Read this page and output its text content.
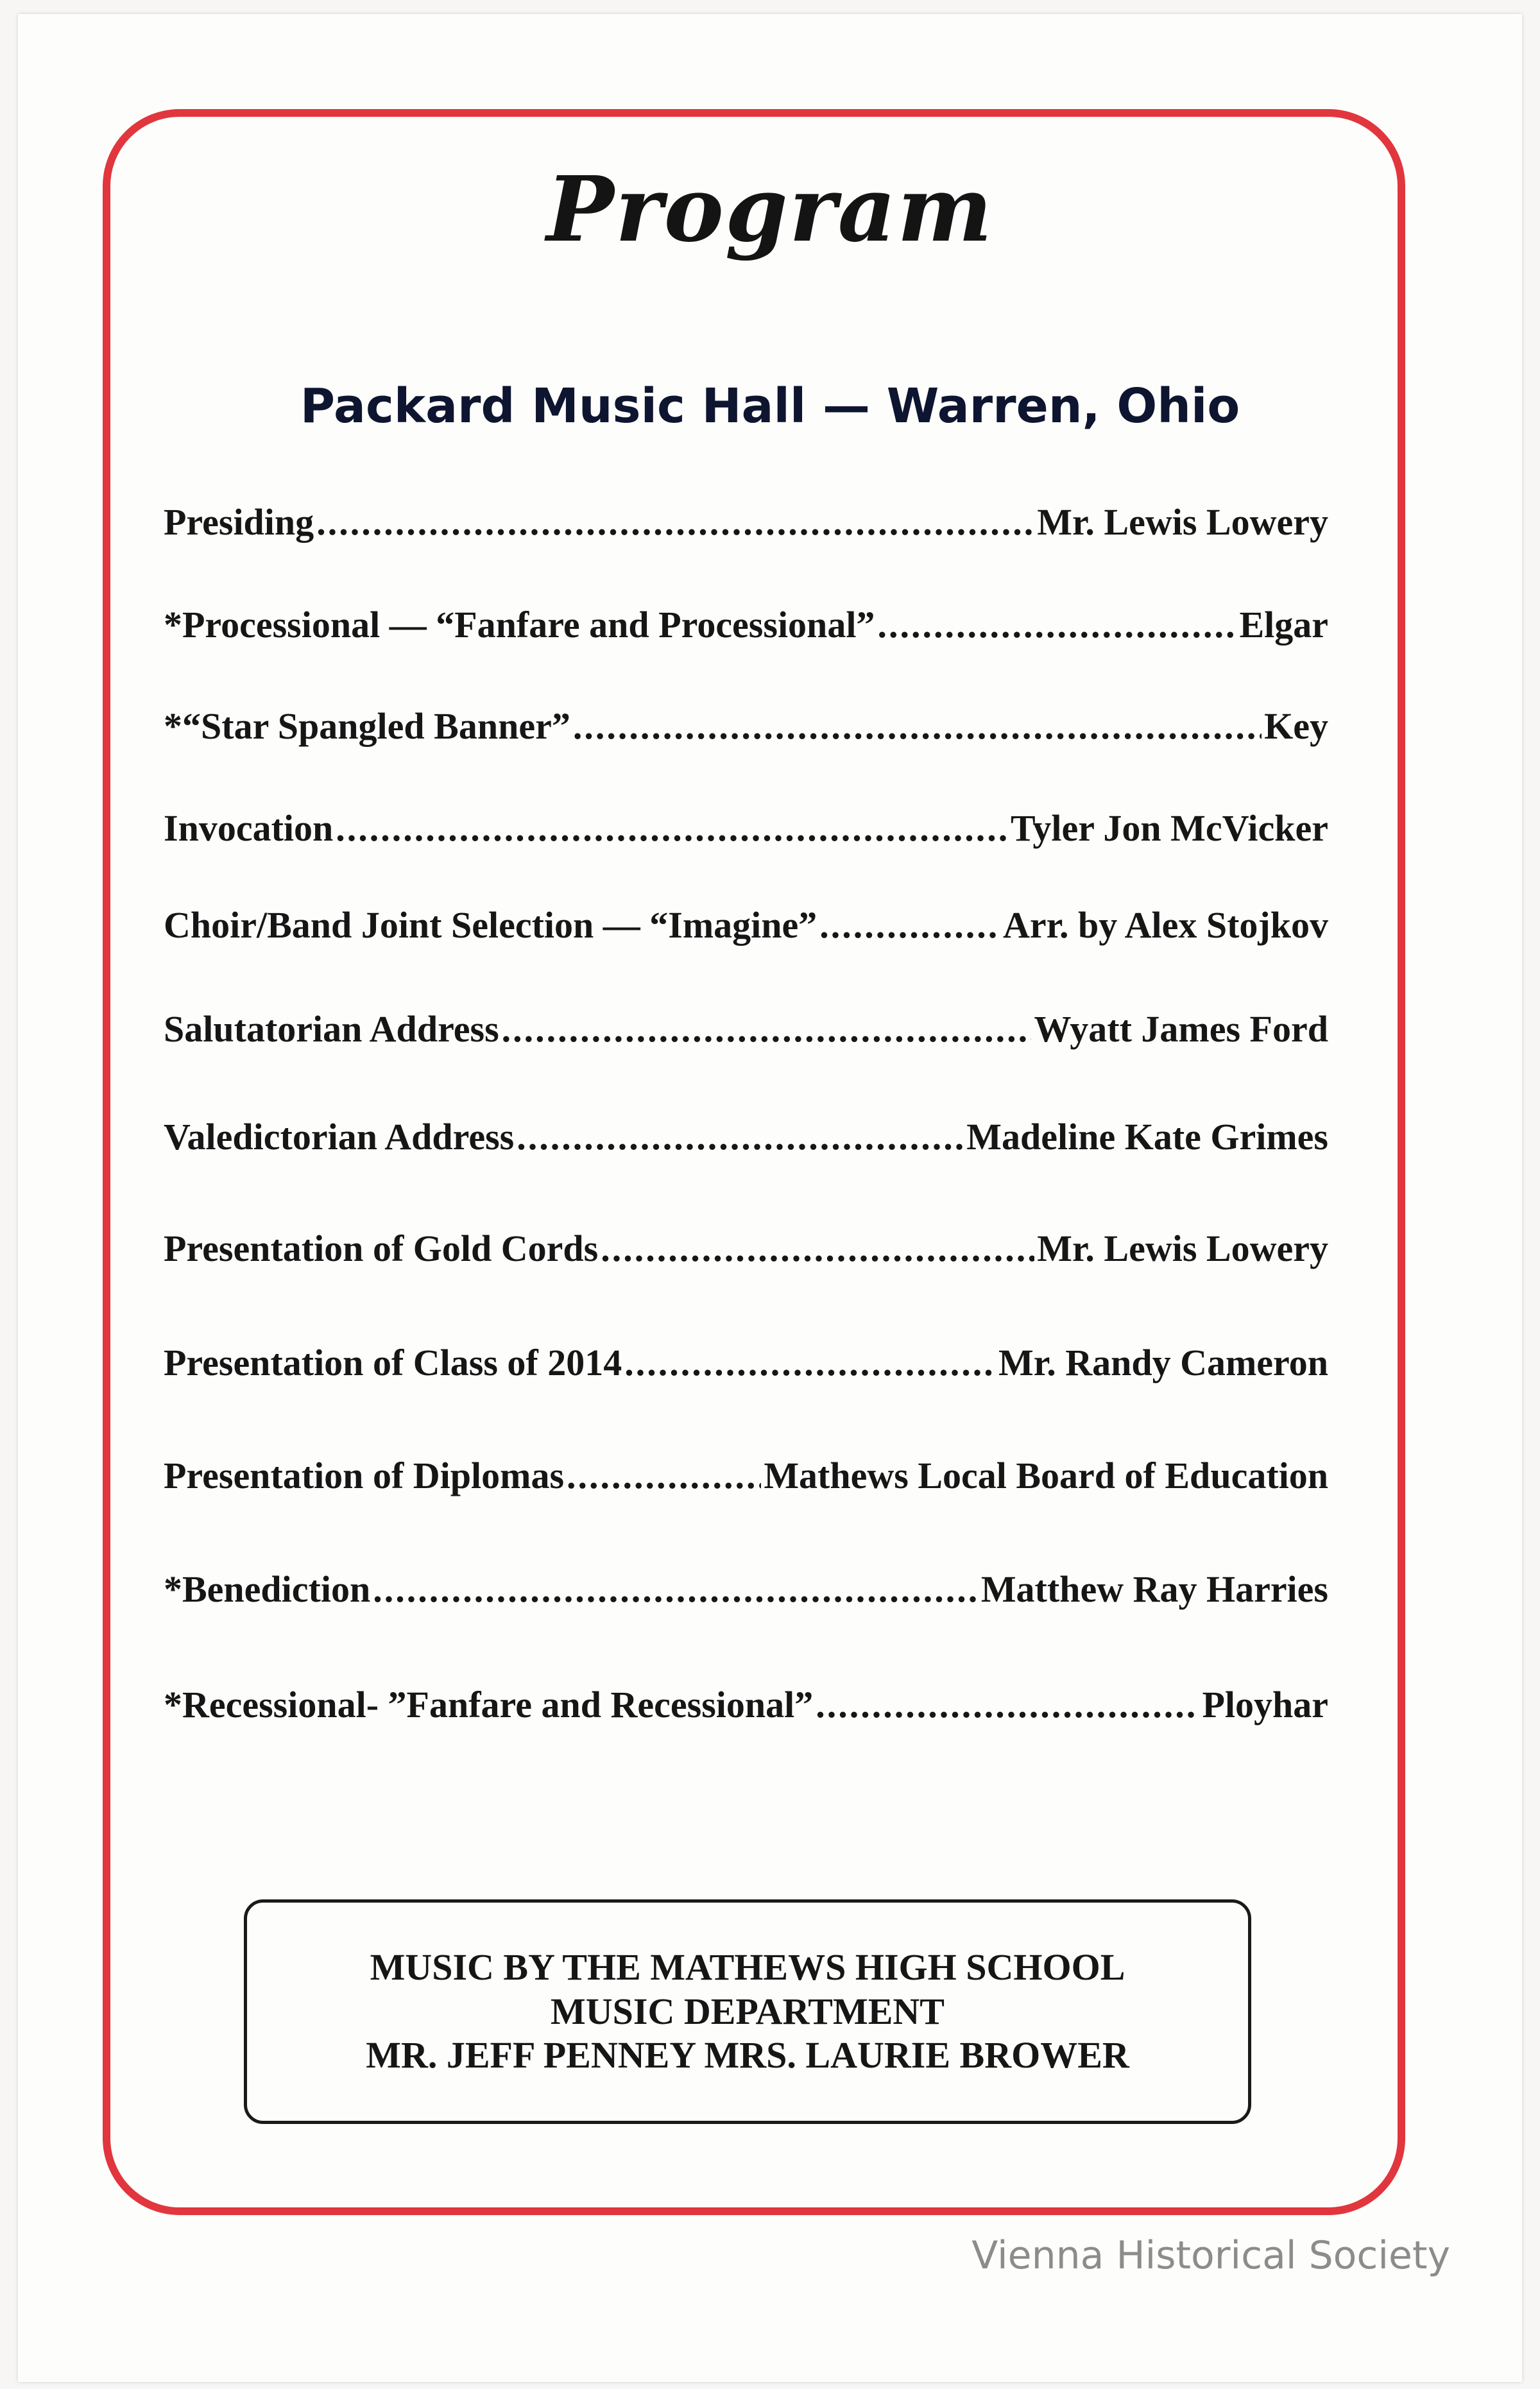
Program
Packard Music Hall — Warren, Ohio
Presiding .....	Mr. Lewis Lowery
*Processional — “Fanfare and Processional” .....	Elgar
*“Star Spangled Banner” .....	Key
Invocation .....	Tyler Jon McVicker
Choir/Band Joint Selection — “Imagine” .....	Arr. by Alex Stojkov
Salutatorian Address .....	Wyatt James Ford
Valedictorian Address .....	Madeline Kate Grimes
Presentation of Gold Cords .....	Mr. Lewis Lowery
Presentation of Class of 2014 .....	Mr. Randy Cameron
Presentation of Diplomas .....	Mathews Local Board of Education
*Benediction .....	Matthew Ray Harries
*Recessional- ”Fanfare and Recessional” .....	Ployhar
MUSIC BY THE MATHEWS HIGH SCHOOL
MUSIC DEPARTMENT
MR. JEFF PENNEY MRS. LAURIE BROWER
Vienna Historical Society
